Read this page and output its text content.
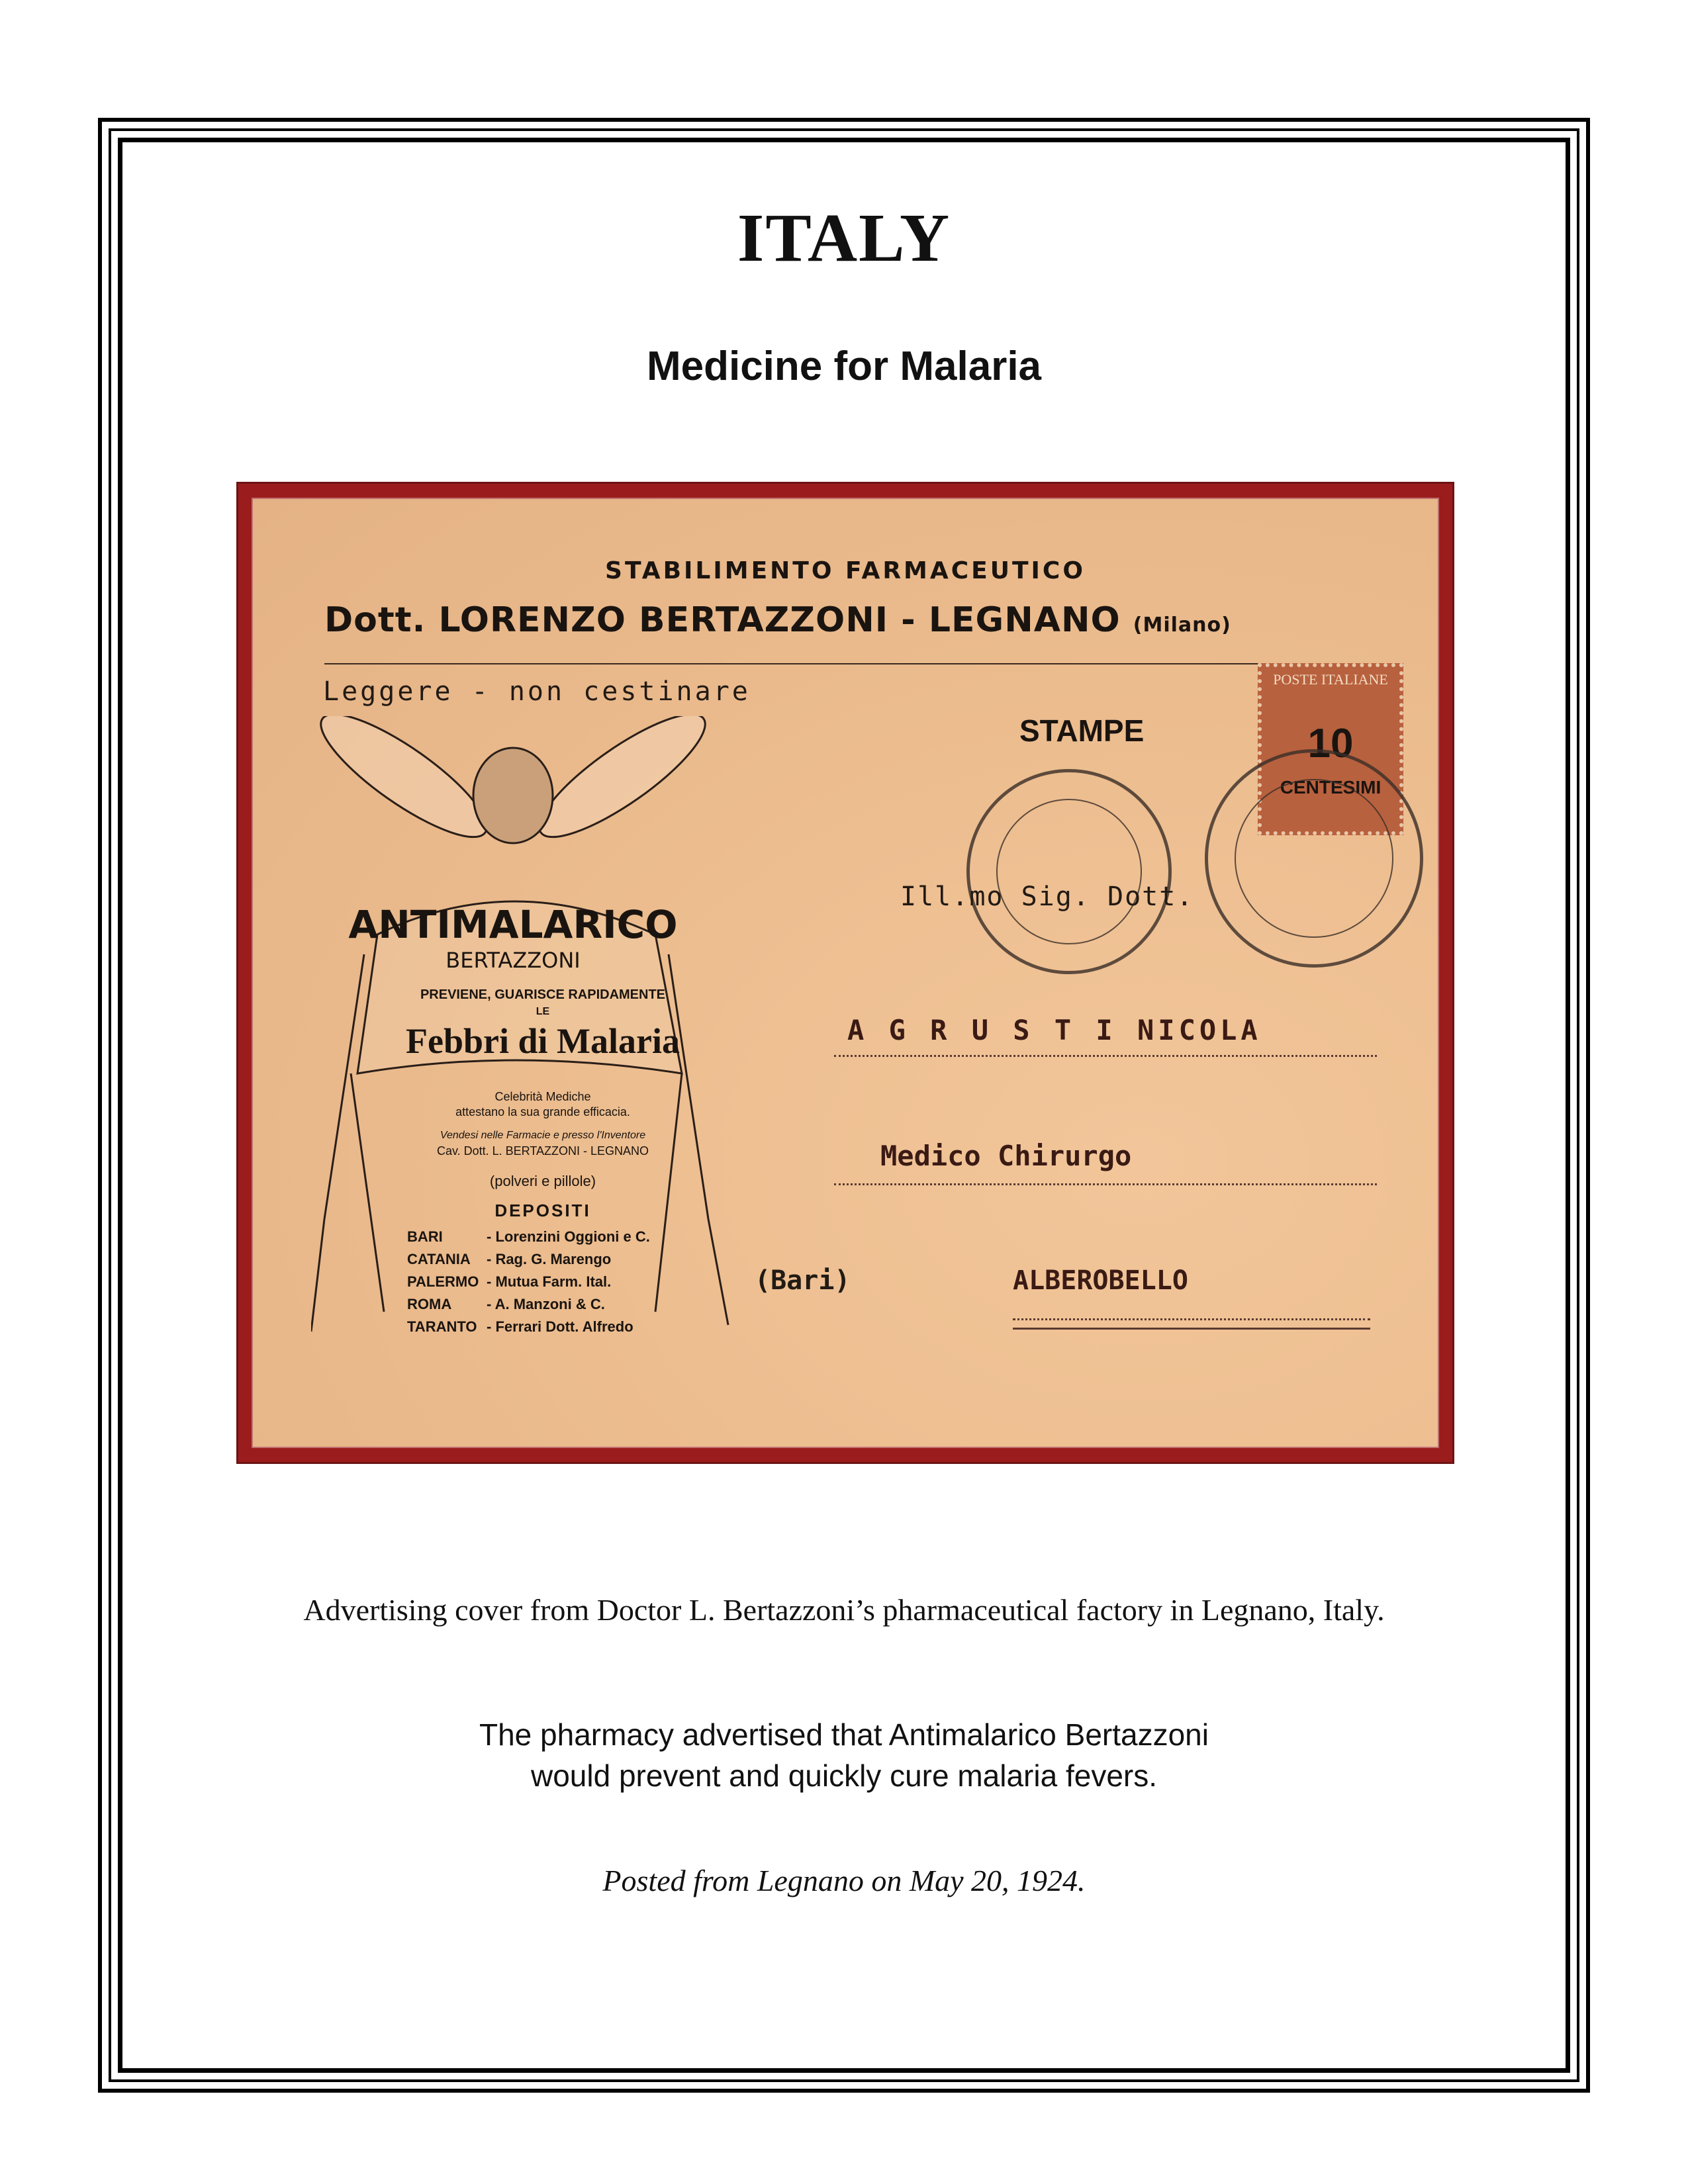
ITALY
Medicine for Malaria
STABILIMENTO FARMACEUTICO
Dott. LORENZO BERTAZZONI - LEGNANO (Milano)
Leggere - non cestinare
STAMPE
POSTE ITALIANE
10
CENTESIMI
Ill.mo Sig. Dott.
A G R U S T I NICOLA
Medico Chirurgo
(Bari)	ALBEROBELLO
ANTIMALARICO
BERTAZZONI
PREVIENE, GUARISCE RAPIDAMENTE
LE
Febbri di Malaria
Celebrità Mediche
attestano la sua grande efficacia.
Vendesi nelle Farmacie e presso l'Inventore
Cav. Dott. L. BERTAZZONI - LEGNANO
(polveri e pillole)
DEPOSITI
BARI	- Lorenzini Oggioni e C.
CATANIA - Rag. G. Marengo
PALERMO - Mutua Farm. Ital.
ROMA - A. Manzoni & C.
TARANTO - Ferrari Dott. Alfredo
Advertising cover from Doctor L. Bertazzoni’s pharmaceutical factory in Legnano, Italy.
The pharmacy advertised that Antimalarico Bertazzoni
would prevent and quickly cure malaria fevers.
Posted from Legnano on May 20, 1924.
